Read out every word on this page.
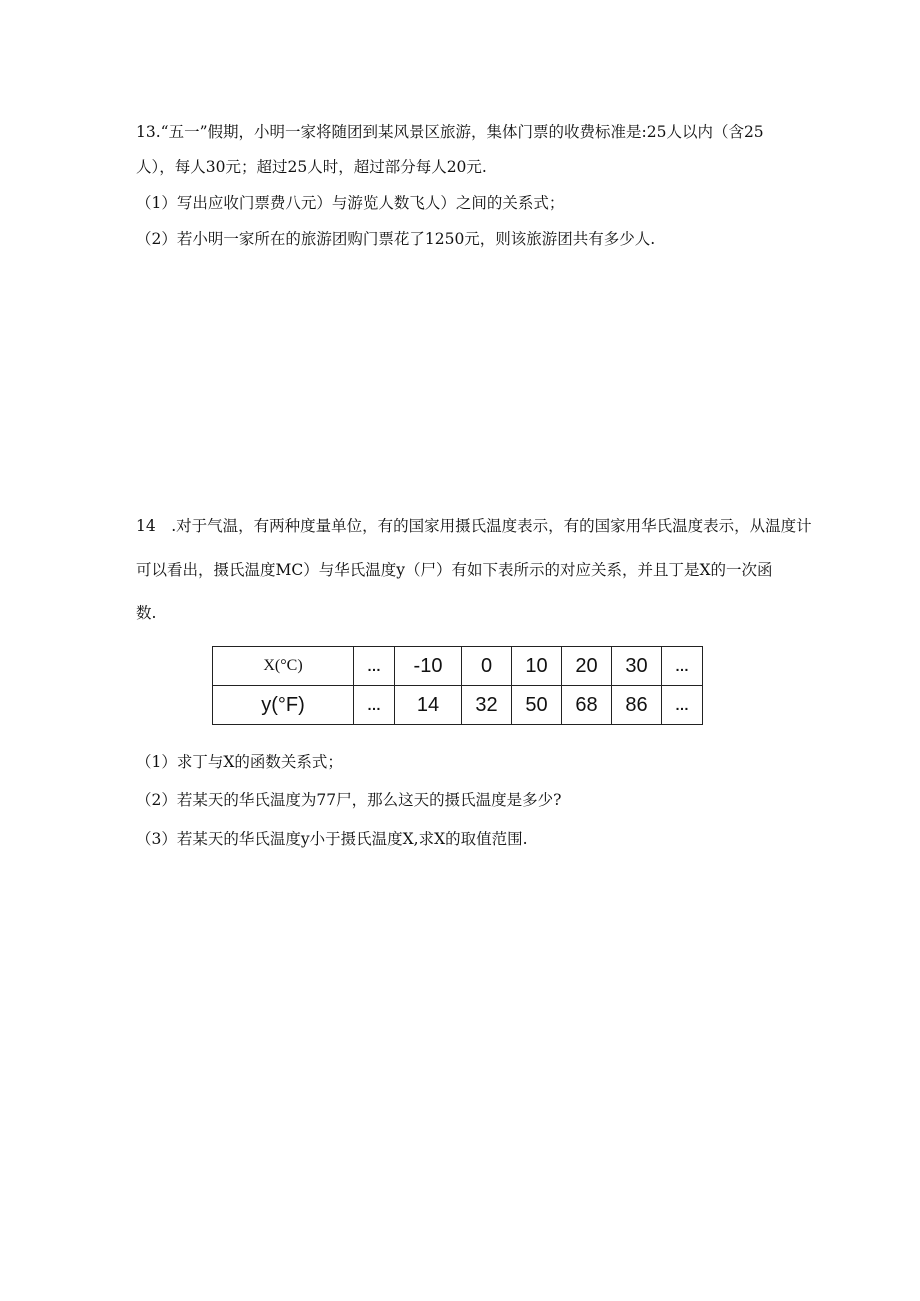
13.“五一”假期，小明一家将随团到某风景区旅游，集体门票的收费标准是:25人以内（含25
人），每人30元；超过25人时，超过部分每人20元.
（1）写出应收门票费八元）与游览人数飞人）之间的关系式；
（2）若小明一家所在的旅游团购门票花了1250元，则该旅游团共有多少人.
14　.对于气温，有两种度量单位，有的国家用摄氏温度表示，有的国家用华氏温度表示，从温度计
可以看出，摄氏温度MC）与华氏温度y（尸）有如下表所示的对应关系，并且丁是X的一次函
数.
X(°C)	…	-10	0	10	20	30	…
y(°F)	…	14	32	50	68	86	…
（1）求丁与X的函数关系式；
（2）若某天的华氏温度为77尸，那么这天的摄氏温度是多少?
（3）若某天的华氏温度y小于摄氏温度X,求X的取值范围.
